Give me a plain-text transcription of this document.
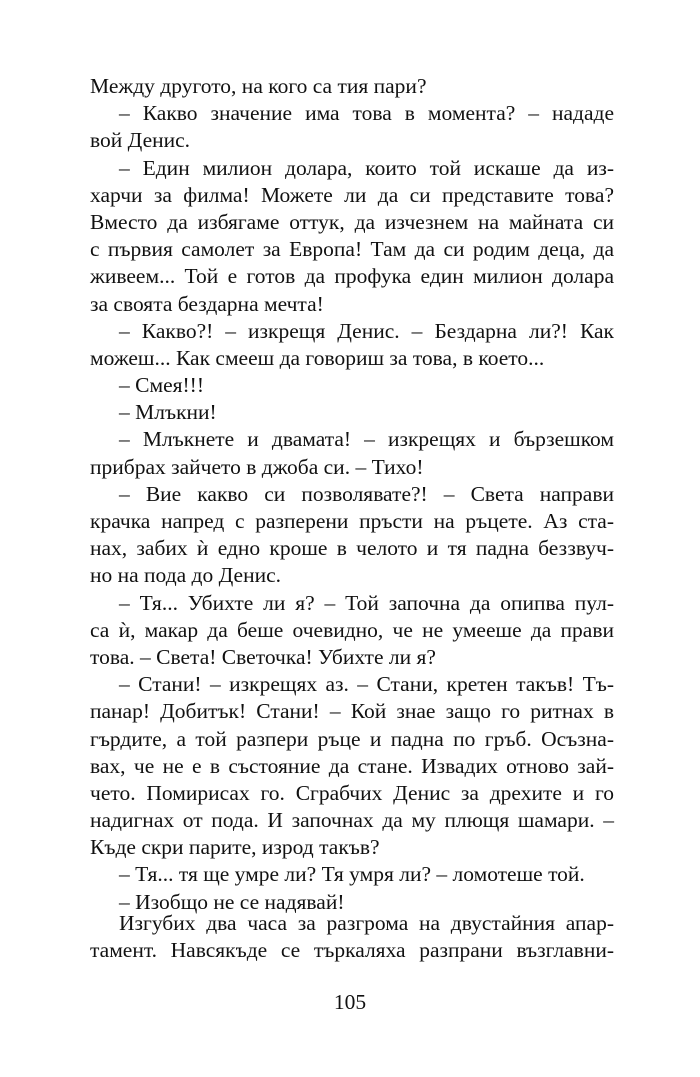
Между другото, на кого са тия пари?
– Какво значение има това в момента? – нададе
вой Денис.
– Един милион долара, които той искаше да из-
харчи за филма! Можете ли да си представите това?
Вместо да избягаме оттук, да изчезнем на майната си
с първия самолет за Европа! Там да си родим деца, да
живеем... Той е готов да профука един милион долара
за своята бездарна мечта!
– Какво?! – изкрещя Денис. – Бездарна ли?! Как
можеш... Как смееш да говориш за това, в което...
– Смея!!!
– Млъкни!
– Млъкнете и двамата! – изкрещях и бързешком
прибрах зайчето в джоба си. – Тихо!
– Вие какво си позволявате?! – Света направи
крачка напред с разперени пръсти на ръцете. Аз ста-
нах, забих ѝ едно кроше в челото и тя падна беззвуч-
но на пода до Денис.
– Тя... Убихте ли я? – Той започна да опипва пул-
са ѝ, макар да беше очевидно, че не умееше да прави
това. – Света! Светочка! Убихте ли я?
– Стани! – изкрещях аз. – Стани, кретен такъв! Тъ-
панар! Добитък! Стани! – Кой знае защо го ритнах в
гърдите, а той разпери ръце и падна по гръб. Осъзна-
вах, че не е в състояние да стане. Извадих отново зай-
чето. Помирисах го. Сграбчих Денис за дрехите и го
надигнах от пода. И започнах да му плющя шамари. –
Къде скри парите, изрод такъв?
– Тя... тя ще умре ли? Тя умря ли? – ломотеше той.
– Изобщо не се надявай!
Изгубих два часа за разгрома на двустайния апар-
тамент. Навсякъде се търкаляха разпрани възглавни-
105
